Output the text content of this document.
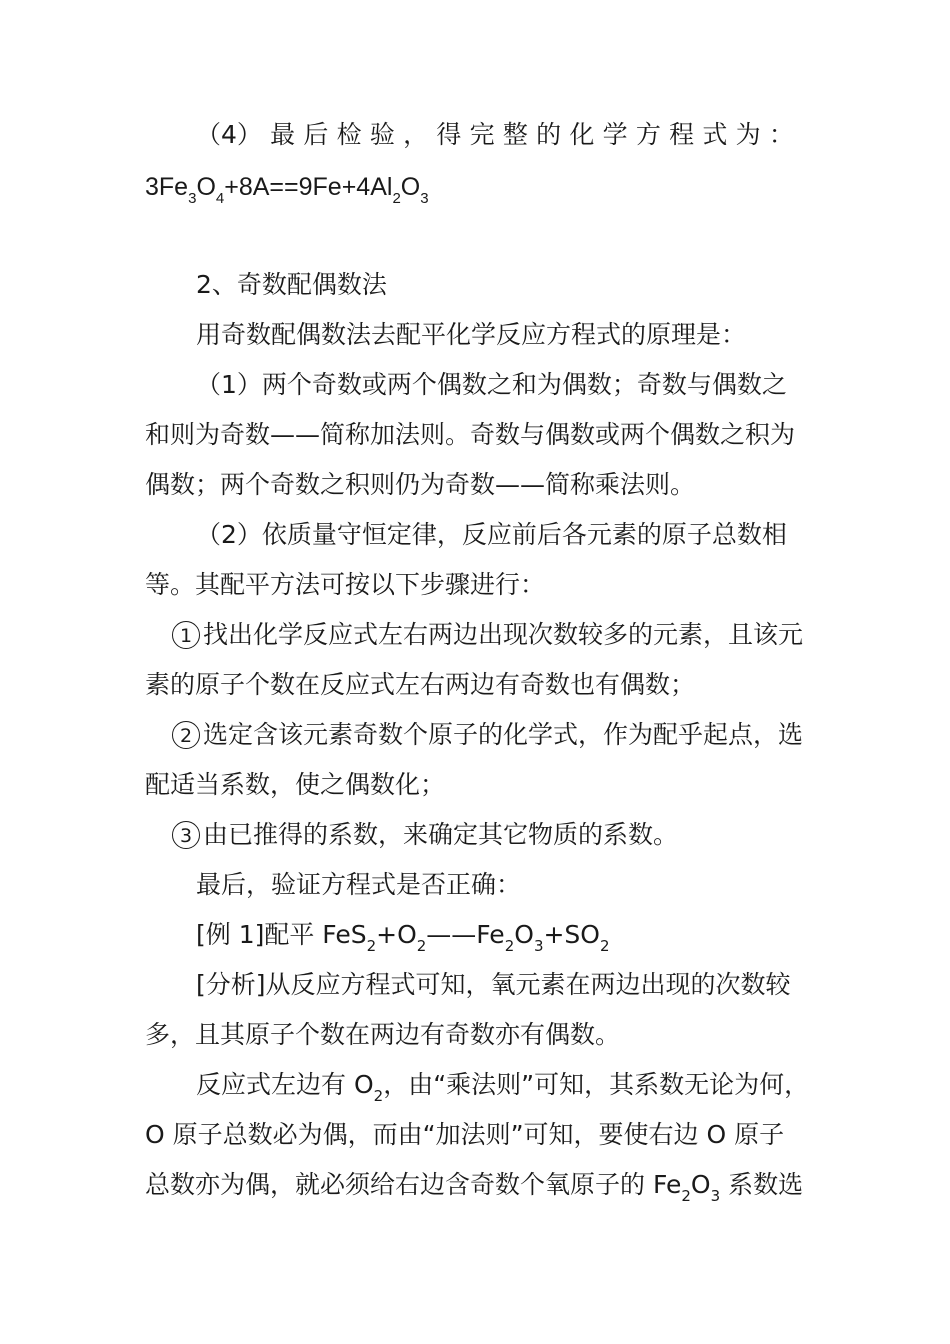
（4） 最 后 检 验 ， 得 完 整 的 化 学 方 程 式 为 ：
$3Fe_3O_4+8A==9Fe+4Al_2O_3$
2、奇数配偶数法
用奇数配偶数法去配平化学反应方程式的原理是：
（1）两个奇数或两个偶数之和为偶数；奇数与偶数之
和则为奇数——简称加法则。奇数与偶数或两个偶数之积为
偶数；两个奇数之积则仍为奇数——简称乘法则。
（2）依质量守恒定律，反应前后各元素的原子总数相
等。其配平方法可按以下步骤进行：
1 找出化学反应式左右两边出现次数较多的元素，且该元
素的原子个数在反应式左右两边有奇数也有偶数；
2 选定含该元素奇数个原子的化学式，作为配乎起点，选
配适当系数，使之偶数化；
3 由已推得的系数，来确定其它物质的系数。
最后，验证方程式是否正确：
[例 1]配平 $FeS_2+O_2——Fe_2O_3+SO_2$
[分析]从反应方程式可知，氧元素在两边出现的次数较
多，且其原子个数在两边有奇数亦有偶数。
反应式左边有 $O_2$，由“乘法则”可知，其系数无论为何，
O 原子总数必为偶，而由“加法则”可知，要使右边 O 原子
总数亦为偶，就必须给右边含奇数个氧原子的 $Fe_2O_3$ 系数选
